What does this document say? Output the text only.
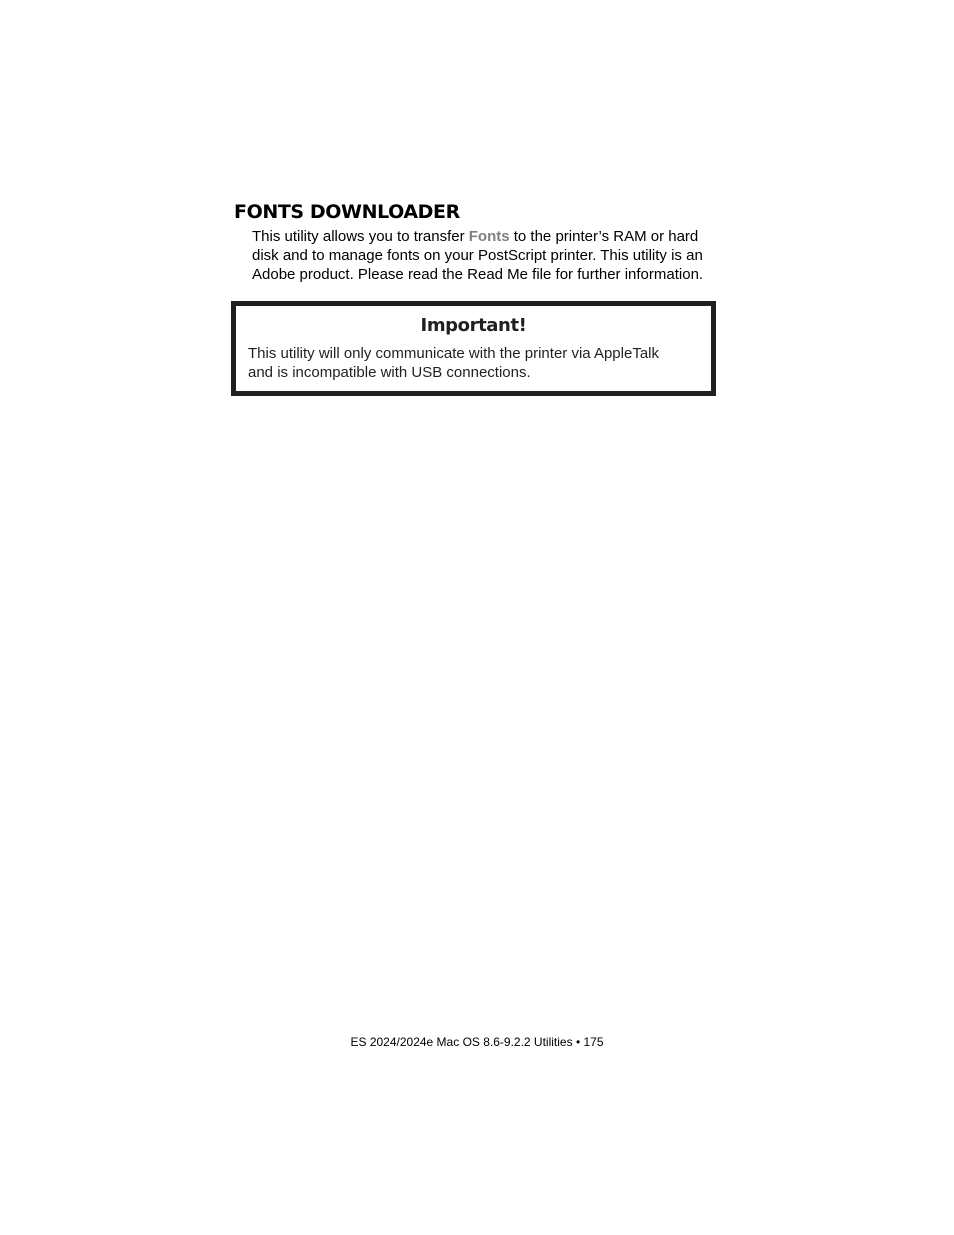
FONTS DOWNLOADER

This utility allows you to transfer Fonts to the printer’s RAM or hard
disk and to manage fonts on your PostScript printer. This utility is an
Adobe product. Please read the Read Me file for further information.

Important!
This utility will only communicate with the printer via AppleTalk
and is incompatible with USB connections.
ES 2024/2024e Mac OS 8.6-9.2.2 Utilities • 175
